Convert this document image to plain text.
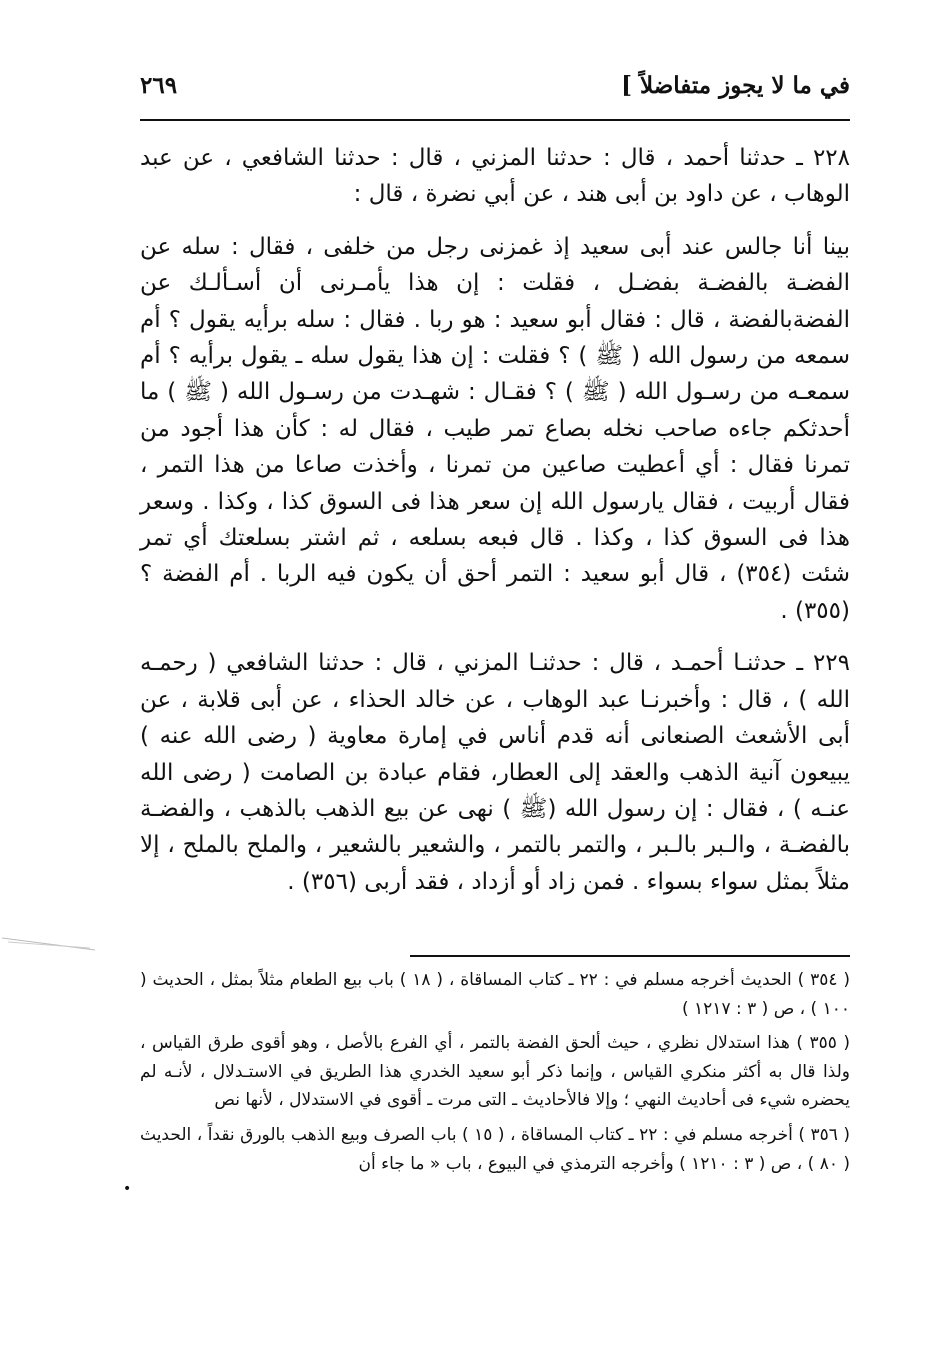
في ما لا يجوز متفاضلاً ]
٢٦٩

٢٢٨ ـ حدثنا أحمد ، قال : حدثنا المزني ، قال : حدثنا الشافعي ، عن عبد الوهاب ، عن داود بن أبى هند ، عن أبي نضرة ، قال :

بينا أنا جالس عند أبى سعيد إذ غمزنى رجل من خلفى ، فقال : سله عن الفضـة بالفضـة بفضـل ، فقلت : إن هذا يأمـرنى أن أسـألـك عن الفضةبالفضة ، قال : فقال أبو سعيد : هو ربا . فقال : سله برأيه يقول ؟ أم سمعه من رسول الله ( ﷺ ) ؟ فقلت : إن هذا يقول سله ـ يقول برأيه ؟ أم سمعـه من رسـول الله ( ﷺ ) ؟ فقـال : شهـدت من رسـول الله ( ﷺ ) ما أحدثكم جاءه صاحب نخله بصاع تمر طيب ، فقال له : كأن هذا أجود من تمرنا فقال : أي أعطيت صاعين من تمرنا ، وأخذت صاعا من هذا التمر ، فقال أربيت ، فقال يارسول الله إن سعر هذا فى السوق كذا ، وكذا . وسعر هذا فى السوق كذا ، وكذا . قال فبعه بسلعه ، ثم اشتر بسلعتك أي تمر شئت (٣٥٤) ، قال أبو سعيد : التمر أحق أن يكون فيه الربا . أم الفضة ؟ (٣٥٥) .

٢٢٩ ـ حدثنـا أحمـد ، قال : حدثنـا المزني ، قال : حدثنا الشافعي ( رحمـه الله ) ، قال : وأخبرنـا عبد الوهاب ، عن خالد الحذاء ، عن أبى قلابة ، عن أبى الأشعث الصنعانى أنه قدم أناس في إمارة معاوية ( رضى الله عنه ) يبيعون آنية الذهب والعقد إلى العطار، فقام عبادة بن الصامت ( رضى الله عنـه ) ، فقال : إن رسول الله (ﷺ ) نهى عن بيع الذهب بالذهب ، والفضـة بالفضـة ، والـبر بالـبر ، والتمر بالتمر ، والشعير بالشعير ، والملح بالملح ، إلا مثلاً بمثل سواء بسواء . فمن زاد أو أزداد ، فقد أربى (٣٥٦) .

( ٣٥٤ ) الحديث أخرجه مسلم في : ٢٢ ـ كتاب المساقاة ، ( ١٨ ) باب بيع الطعام مثلاً بمثل ، الحديث ( ١٠٠ ) ، ص ( ٣ : ١٢١٧ )

( ٣٥٥ ) هذا استدلال نظري ، حيث ألحق الفضة بالتمر ، أي الفرع بالأصل ، وهو أقوى طرق القياس ، ولذا قال به أكثر منكري القياس ، وإنما ذكر أبو سعيد الخدري هذا الطريق في الاستـدلال ، لأنـه لم يحضره شيء فى أحاديث النهي ؛ وإلا فالأحاديث ـ التى مرت ـ أقوى في الاستدلال ، لأنها نص

( ٣٥٦ ) أخرجه مسلم في : ٢٢ ـ كتاب المساقاة ، ( ١٥ ) باب الصرف وبيع الذهب بالورق نقداً ، الحديث ( ٨٠ ) ، ص ( ٣ : ١٢١٠ ) وأخرجه الترمذي في البيوع ، باب « ما جاء أن

•
